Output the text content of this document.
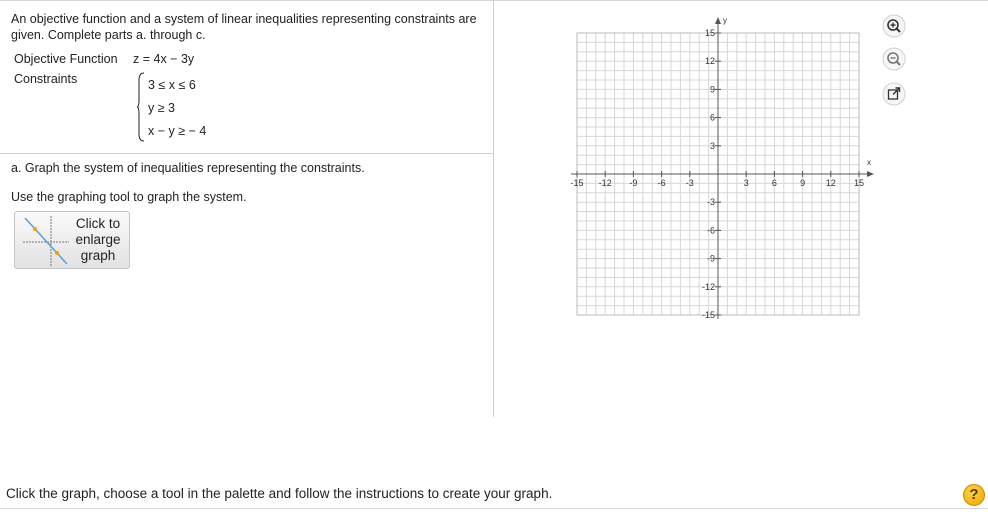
An objective function and a system of linear inequalities representing constraints are given. Complete parts a. through c.
Objective Function z = 4x − 3y
Constraints	3 ≤ x ≤ 6
y ≥ 3
x − y ≥ − 4
a. Graph the system of inequalities representing the constraints.
Use the graphing tool to graph the system.
Click to enlarge graph
x
y
-15 -12 -9 -6 -3	3	6	9 12 15
15
12
9
6
3
-3
-6
-9
-12
-15
Click the graph, choose a tool in the palette and follow the instructions to create your graph.	?
